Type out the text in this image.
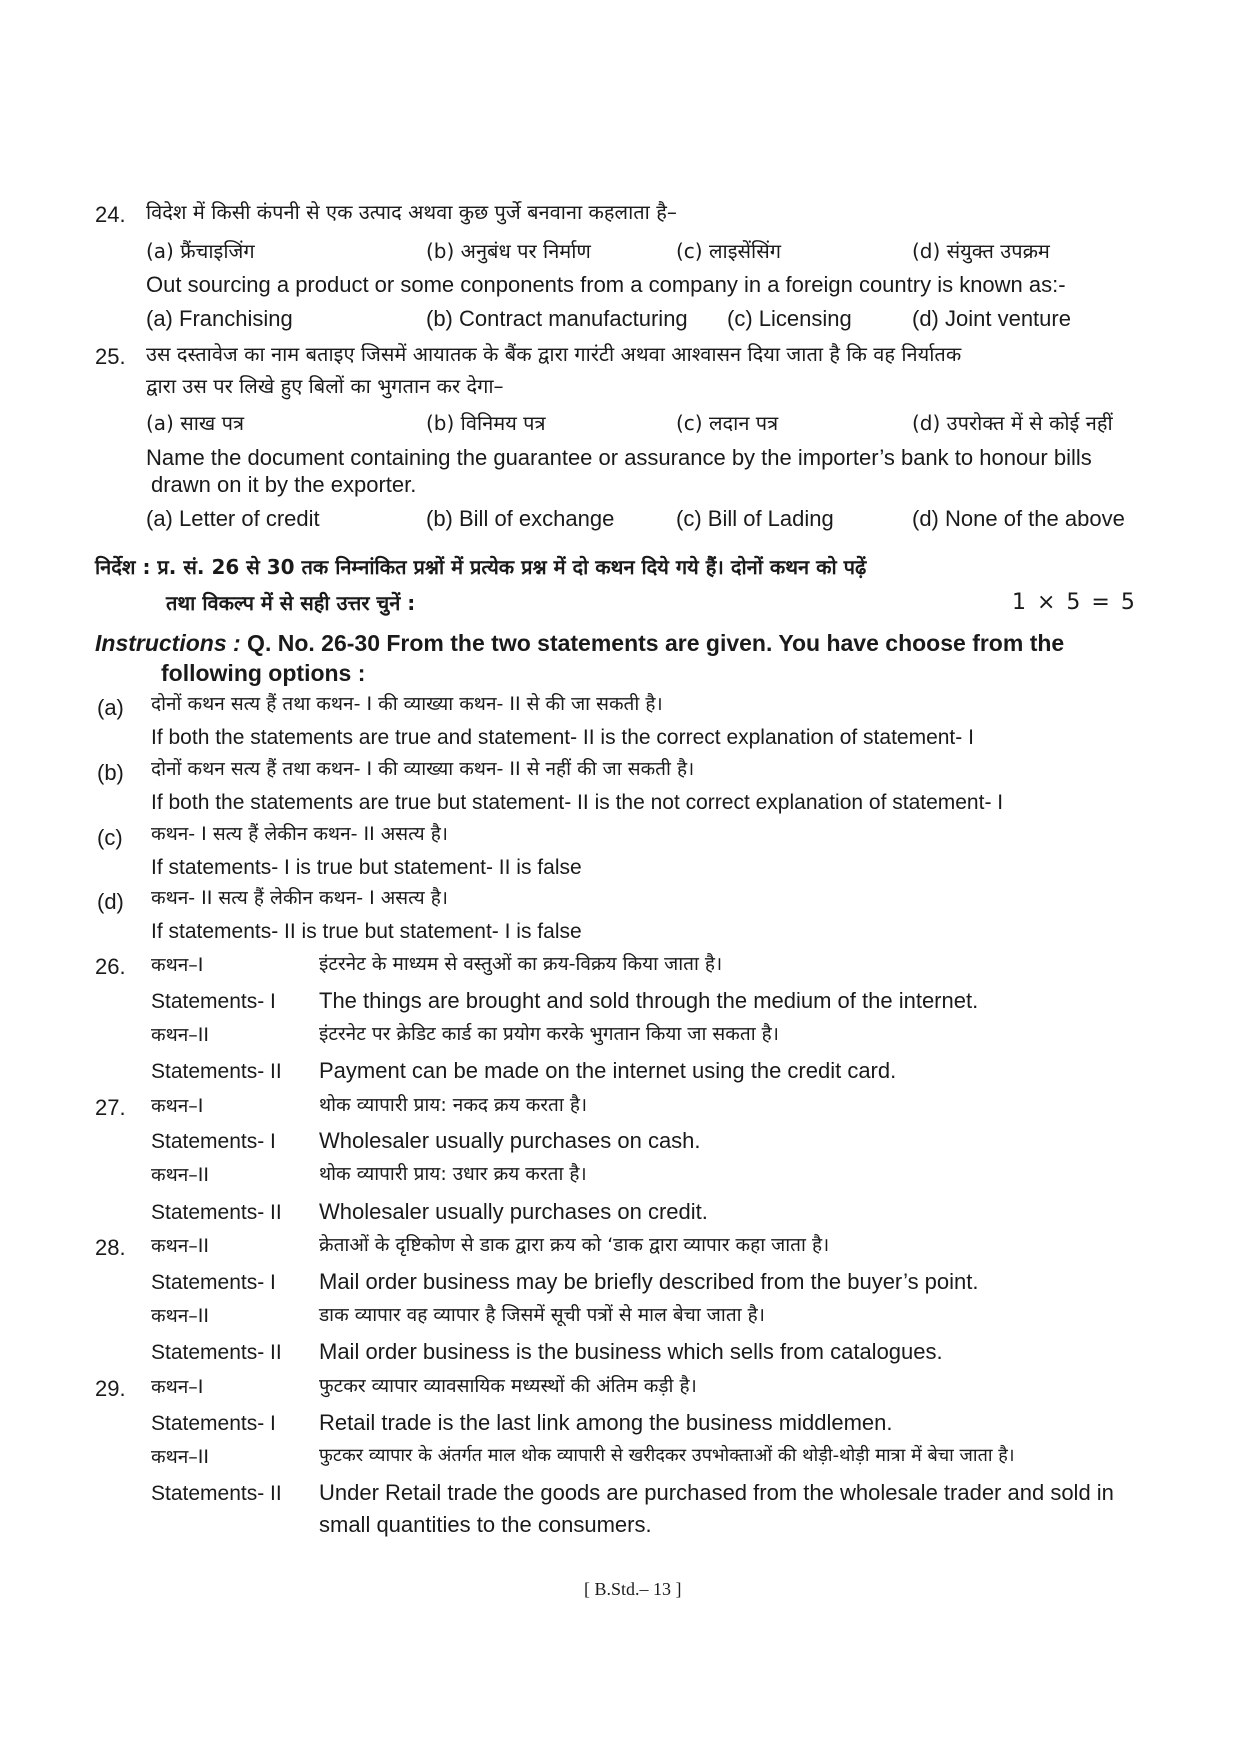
24. विदेश में किसी कंपनी से एक उत्पाद अथवा कुछ पुर्जे बनवाना कहलाता है–
(a) फ्रैंचाइजिंग	(b) अनुबंध पर निर्माण	(c) लाइसेंसिंग	(d) संयुक्त उपक्रम
Out sourcing a product or some conponents from a company in a foreign country is known as:-
(a) Franchising	(b) Contract manufacturing (c) Licensing	(d) Joint venture
25. उस दस्तावेज का नाम बताइए जिसमें आयातक के बैंक द्वारा गारंटी अथवा आश्वासन दिया जाता है कि वह निर्यातक
द्वारा उस पर लिखे हुए बिलों का भुगतान कर देगा–
(a) साख पत्र	(b) विनिमय पत्र	(c) लदान पत्र	(d) उपरोक्त में से कोई नहीं
Name the document containing the guarantee or assurance by the importer’s bank to honour bills
drawn on it by the exporter.
(a) Letter of credit	(b) Bill of exchange	(c) Bill of Lading	(d) None of the above
निर्देश : प्र. सं. 26 से 30 तक निम्नांकित प्रश्नों में प्रत्येक प्रश्न में दो कथन दिये गये हैं। दोनों कथन को पढ़ें
तथा विकल्प में से सही उत्तर चुनें :	1 × 5 = 5
Instructions : Q. No. 26-30 From the two statements are given. You have choose from the
following options :
(a) दोनों कथन सत्य हैं तथा कथन- I की व्याख्या कथन- II से की जा सकती है।
If both the statements are true and statement- II is the correct explanation of statement- I
(b) दोनों कथन सत्य हैं तथा कथन- I की व्याख्या कथन- II से नहीं की जा सकती है।
If both the statements are true but statement- II is the not correct explanation of statement- I
(c) कथन- I सत्य हैं लेकीन कथन- II असत्य है।
If statements- I is true but statement- II is false
(d) कथन- II सत्य हैं लेकीन कथन- I असत्य है।
If statements- II is true but statement- I is false
26. कथन–I	इंटरनेट के माध्यम से वस्तुओं का क्रय-विक्रय किया जाता है।
Statements- I The things are brought and sold through the medium of the internet.
कथन–II	इंटरनेट पर क्रेडिट कार्ड का प्रयोग करके भुगतान किया जा सकता है।
Statements- II Payment can be made on the internet using the credit card.
27. कथन–I	थोक व्यापारी प्राय: नकद क्रय करता है।
Statements- I Wholesaler usually purchases on cash.
कथन–II	थोक व्यापारी प्राय: उधार क्रय करता है।
Statements- II Wholesaler usually purchases on credit.
28. कथन–II	क्रेताओं के दृष्टिकोण से डाक द्वारा क्रय को ‘डाक द्वारा व्यापार कहा जाता है।
Statements- I Mail order business may be briefly described from the buyer’s point.
कथन–II	डाक व्यापार वह व्यापार है जिसमें सूची पत्रों से माल बेचा जाता है।
Statements- II Mail order business is the business which sells from catalogues.
29. कथन–I	फुटकर व्यापार व्यावसायिक मध्यस्थों की अंतिम कड़ी है।
Statements- I Retail trade is the last link among the business middlemen.
कथन–II	फुटकर व्यापार के अंतर्गत माल थोक व्यापारी से खरीदकर उपभोक्ताओं की थोड़ी-थोड़ी मात्रा में बेचा जाता है।
Statements- II Under Retail trade the goods are purchased from the wholesale trader and sold in
small quantities to the consumers.
[ B.Std.– 13 ]
